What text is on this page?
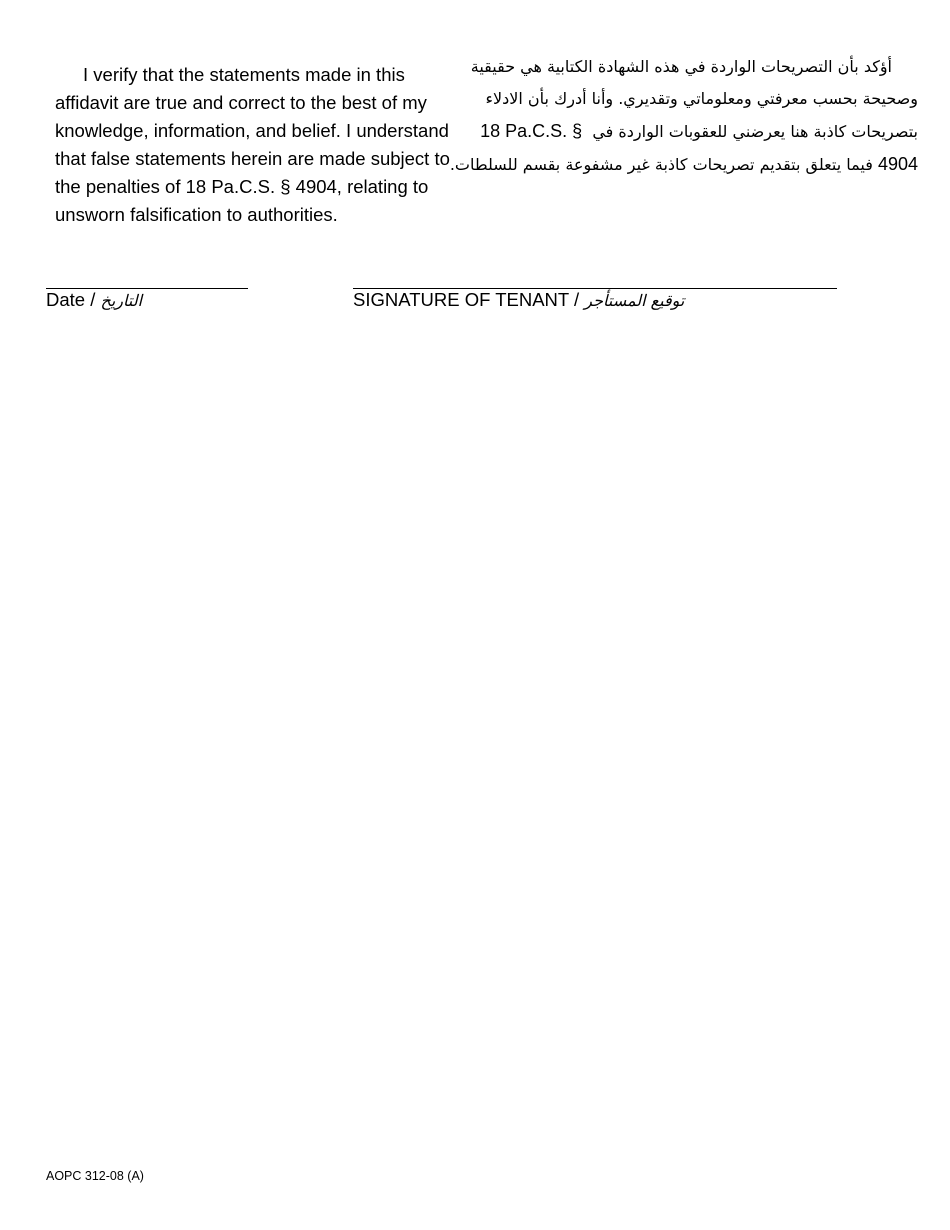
I verify that the statements made in this affidavit are true and correct to the best of my knowledge, information, and belief. I understand that false statements herein are made subject to the penalties of 18 Pa.C.S. § 4904, relating to unsworn falsification to authorities.

أؤكد بأن التصريحات الواردة في هذه الشهادة الكتابية هي حقيقية
وصحيحة بحسب معرفتي ومعلوماتي وتقديري. وأنا أدرك بأن الادلاء
بتصريحات كاذبة هنا يعرضني للعقوبات الواردة في  18 Pa.C.S. §
4904 فيما يتعلق بتقديم تصريحات كاذبة غير مشفوعة بقسم للسلطات.
Date / التاريخ	SIGNATURE OF TENANT / توقيع المستأجر
AOPC 312-08 (A)
